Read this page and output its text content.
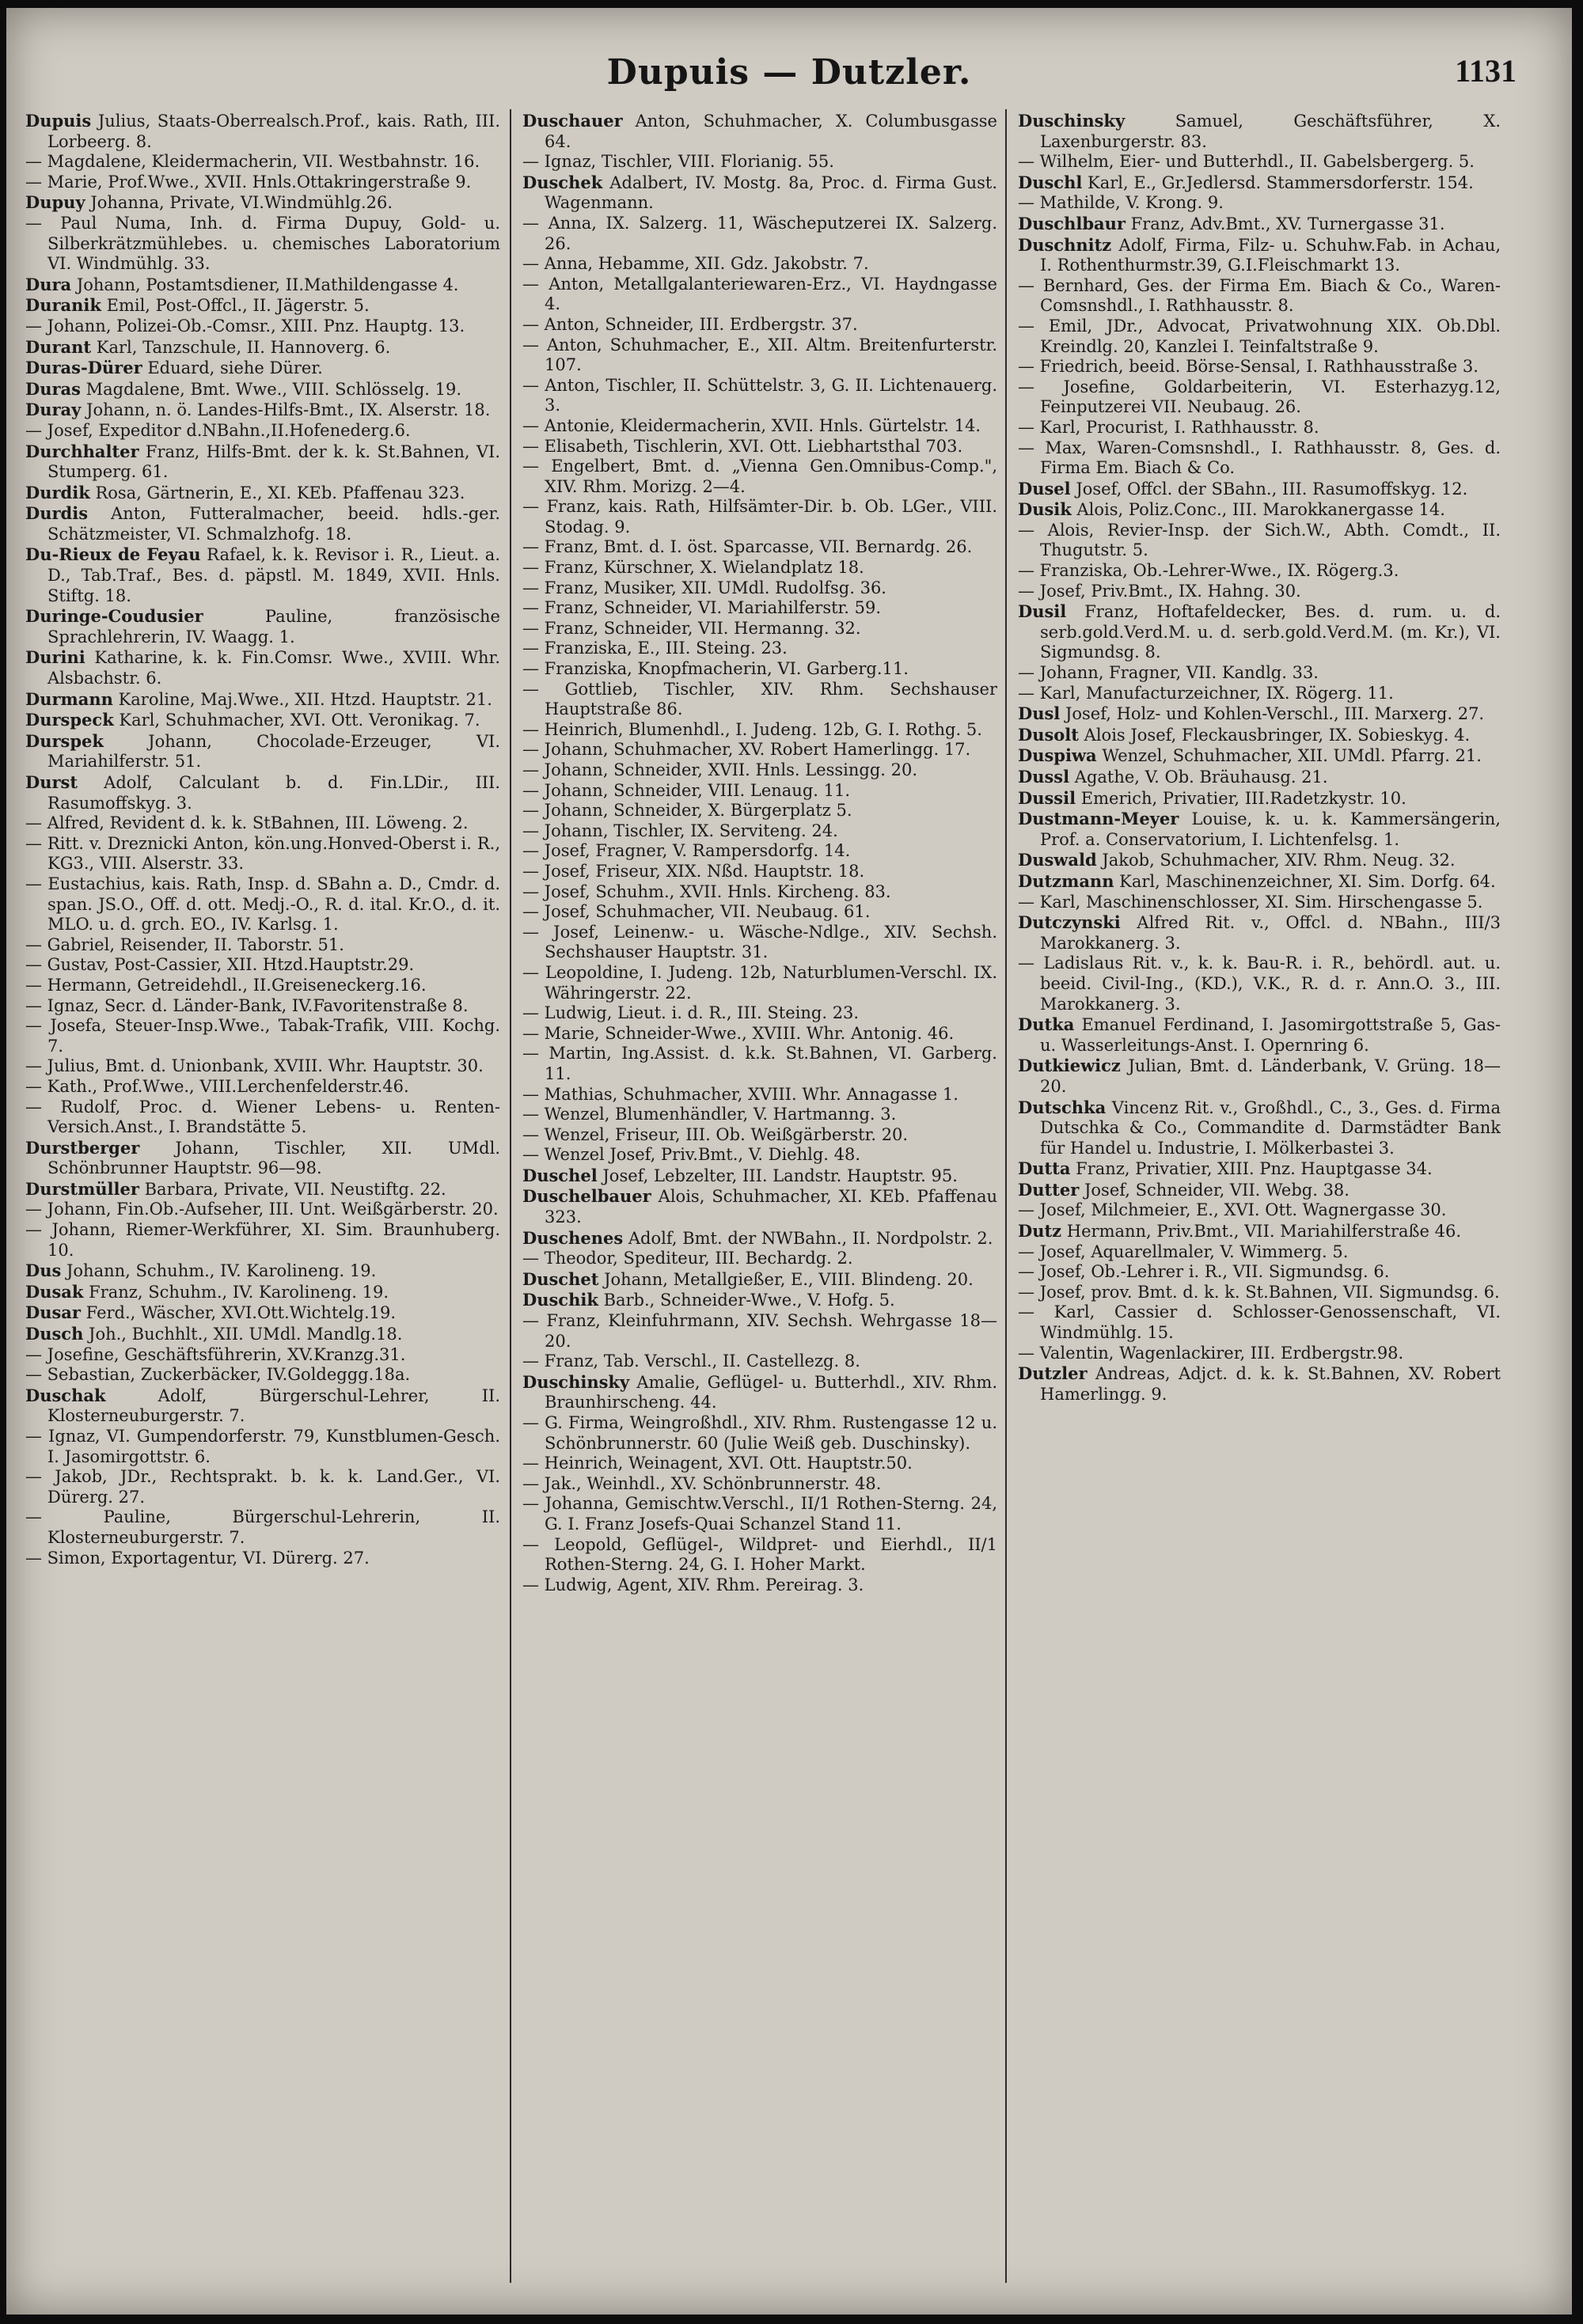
Dupuis — Dutzler.	1131

Dupuis Julius, Staats-Oberrealsch.Prof., kais. Rath, III. Lorbeerg. 8.

— Magdalene, Kleidermacherin, VII. Westbahnstr. 16.

— Marie, Prof.Wwe., XVII. Hnls.Ottakringerstraße 9.

Dupuy Johanna, Private, VI.Windmühlg.26.

— Paul Numa, Inh. d. Firma Dupuy, Gold- u. Silberkrätzmühlebes. u. chemisches Laboratorium VI. Windmühlg. 33.

Dura Johann, Postamtsdiener, II.Mathildengasse 4.

Duranik Emil, Post-Offcl., II. Jägerstr. 5.

— Johann, Polizei-Ob.-Comsr., XIII. Pnz. Hauptg. 13.

Durant Karl, Tanzschule, II. Hannoverg. 6.

Duras-Dürer Eduard, siehe Dürer.

Duras Magdalene, Bmt. Wwe., VIII. Schlösselg. 19.

Duray Johann, n. ö. Landes-Hilfs-Bmt., IX. Alserstr. 18.

— Josef, Expeditor d.NBahn.,II.Hofenederg.6.

Durchhalter Franz, Hilfs-Bmt. der k. k. St.Bahnen, VI. Stumperg. 61.

Durdik Rosa, Gärtnerin, E., XI. KEb. Pfaffenau 323.

Durdis Anton, Futteralmacher, beeid. hdls.-ger. Schätzmeister, VI. Schmalzhofg. 18.

Du-Rieux de Feyau Rafael, k. k. Revisor i. R., Lieut. a. D., Tab.Traf., Bes. d. päpstl. M. 1849, XVII. Hnls. Stiftg. 18.

Duringe-Coudusier Pauline, französische Sprachlehrerin, IV. Waagg. 1.

Durini Katharine, k. k. Fin.Comsr. Wwe., XVIII. Whr. Alsbachstr. 6.

Durmann Karoline, Maj.Wwe., XII. Htzd. Hauptstr. 21.

Durspeck Karl, Schuhmacher, XVI. Ott. Veronikag. 7.

Durspek Johann, Chocolade-Erzeuger, VI. Mariahilferstr. 51.

Durst Adolf, Calculant b. d. Fin.LDir., III. Rasumoffskyg. 3.

— Alfred, Revident d. k. k. StBahnen, III. Löweng. 2.

— Ritt. v. Dreznicki Anton, kön.ung.Honved-Oberst i. R., KG3., VIII. Alserstr. 33.

— Eustachius, kais. Rath, Insp. d. SBahn a. D., Cmdr. d. span. JS.O., Off. d. ott. Medj.-O., R. d. ital. Kr.O., d. it. MLO. u. d. grch. EO., IV. Karlsg. 1.

— Gabriel, Reisender, II. Taborstr. 51.

— Gustav, Post-Cassier, XII. Htzd.Hauptstr.29.

— Hermann, Getreidehdl., II.Greiseneckerg.16.

— Ignaz, Secr. d. Länder-Bank, IV.Favoritenstraße 8.

— Josefa, Steuer-Insp.Wwe., Tabak-Trafik, VIII. Kochg. 7.

— Julius, Bmt. d. Unionbank, XVIII. Whr. Hauptstr. 30.

— Kath., Prof.Wwe., VIII.Lerchenfelderstr.46.

— Rudolf, Proc. d. Wiener Lebens- u. Renten-Versich.Anst., I. Brandstätte 5.

Durstberger Johann, Tischler, XII. UMdl. Schönbrunner Hauptstr. 96—98.

Durstmüller Barbara, Private, VII. Neustiftg. 22.

— Johann, Fin.Ob.-Aufseher, III. Unt. Weißgärberstr. 20.

— Johann, Riemer-Werkführer, XI. Sim. Braunhuberg. 10.

Dus Johann, Schuhm., IV. Karolineng. 19.

Dusak Franz, Schuhm., IV. Karolineng. 19.

Dusar Ferd., Wäscher, XVI.Ott.Wichtelg.19.

Dusch Joh., Buchhlt., XII. UMdl. Mandlg.18.

— Josefine, Geschäftsführerin, XV.Kranzg.31.

— Sebastian, Zuckerbäcker, IV.Goldeggg.18a.

Duschak Adolf, Bürgerschul-Lehrer, II. Klosterneuburgerstr. 7.

— Ignaz, VI. Gumpendorferstr. 79, Kunstblumen-Gesch. I. Jasomirgottstr. 6.

— Jakob, JDr., Rechtsprakt. b. k. k. Land.Ger., VI. Dürerg. 27.

— Pauline, Bürgerschul-Lehrerin, II. Klosterneuburgerstr. 7.

— Simon, Exportagentur, VI. Dürerg. 27.

Duschauer Anton, Schuhmacher, X. Columbusgasse 64.

— Ignaz, Tischler, VIII. Florianig. 55.

Duschek Adalbert, IV. Mostg. 8a, Proc. d. Firma Gust. Wagenmann.

— Anna, IX. Salzerg. 11, Wäscheputzerei IX. Salzerg. 26.

— Anna, Hebamme, XII. Gdz. Jakobstr. 7.

— Anton, Metallgalanteriewaren-Erz., VI. Haydngasse 4.

— Anton, Schneider, III. Erdbergstr. 37.

— Anton, Schuhmacher, E., XII. Altm. Breitenfurterstr. 107.

— Anton, Tischler, II. Schüttelstr. 3, G. II. Lichtenauerg. 3.

— Antonie, Kleidermacherin, XVII. Hnls. Gürtelstr. 14.

— Elisabeth, Tischlerin, XVI. Ott. Liebhartsthal 703.

— Engelbert, Bmt. d. „Vienna Gen.Omnibus-Comp.", XIV. Rhm. Morizg. 2—4.

— Franz, kais. Rath, Hilfsämter-Dir. b. Ob. LGer., VIII. Stodag. 9.

— Franz, Bmt. d. I. öst. Sparcasse, VII. Bernardg. 26.

— Franz, Kürschner, X. Wielandplatz 18.

— Franz, Musiker, XII. UMdl. Rudolfsg. 36.

— Franz, Schneider, VI. Mariahilferstr. 59.

— Franz, Schneider, VII. Hermanng. 32.

— Franziska, E., III. Steing. 23.

— Franziska, Knopfmacherin, VI. Garberg.11.

— Gottlieb, Tischler, XIV. Rhm. Sechshauser Hauptstraße 86.

— Heinrich, Blumenhdl., I. Judeng. 12b, G. I. Rothg. 5.

— Johann, Schuhmacher, XV. Robert Hamerlingg. 17.

— Johann, Schneider, XVII. Hnls. Lessingg. 20.

— Johann, Schneider, VIII. Lenaug. 11.

— Johann, Schneider, X. Bürgerplatz 5.

— Johann, Tischler, IX. Serviteng. 24.

— Josef, Fragner, V. Rampersdorfg. 14.

— Josef, Friseur, XIX. Nßd. Hauptstr. 18.

— Josef, Schuhm., XVII. Hnls. Kircheng. 83.

— Josef, Schuhmacher, VII. Neubaug. 61.

— Josef, Leinenw.- u. Wäsche-Ndlge., XIV. Sechsh. Sechshauser Hauptstr. 31.

— Leopoldine, I. Judeng. 12b, Naturblumen-Verschl. IX. Währingerstr. 22.

— Ludwig, Lieut. i. d. R., III. Steing. 23.

— Marie, Schneider-Wwe., XVIII. Whr. Antonig. 46.

— Martin, Ing.Assist. d. k.k. St.Bahnen, VI. Garberg. 11.

— Mathias, Schuhmacher, XVIII. Whr. Annagasse 1.

— Wenzel, Blumenhändler, V. Hartmanng. 3.

— Wenzel, Friseur, III. Ob. Weißgärberstr. 20.

— Wenzel Josef, Priv.Bmt., V. Diehlg. 48.

Duschel Josef, Lebzelter, III. Landstr. Hauptstr. 95.

Duschelbauer Alois, Schuhmacher, XI. KEb. Pfaffenau 323.

Duschenes Adolf, Bmt. der NWBahn., II. Nordpolstr. 2.

— Theodor, Spediteur, III. Bechardg. 2.

Duschet Johann, Metallgießer, E., VIII. Blindeng. 20.

Duschik Barb., Schneider-Wwe., V. Hofg. 5.

— Franz, Kleinfuhrmann, XIV. Sechsh. Wehrgasse 18—20.

— Franz, Tab. Verschl., II. Castellezg. 8.

Duschinsky Amalie, Geflügel- u. Butterhdl., XIV. Rhm. Braunhirscheng. 44.

— G. Firma, Weingroßhdl., XIV. Rhm. Rustengasse 12 u. Schönbrunnerstr. 60 (Julie Weiß geb. Duschinsky).

— Heinrich, Weinagent, XVI. Ott. Hauptstr.50.

— Jak., Weinhdl., XV. Schönbrunnerstr. 48.

— Johanna, Gemischtw.Verschl., II/1 Rothen-Sterng. 24, G. I. Franz Josefs-Quai Schanzel Stand 11.

— Leopold, Geflügel-, Wildpret- und Eierhdl., II/1 Rothen-Sterng. 24, G. I. Hoher Markt.

— Ludwig, Agent, XIV. Rhm. Pereirag. 3.

Duschinsky Samuel, Geschäftsführer, X. Laxenburgerstr. 83.

— Wilhelm, Eier- und Butterhdl., II. Gabelsbergerg. 5.

Duschl Karl, E., Gr.Jedlersd. Stammersdorferstr. 154.

— Mathilde, V. Krong. 9.

Duschlbaur Franz, Adv.Bmt., XV. Turnergasse 31.

Duschnitz Adolf, Firma, Filz- u. Schuhw.Fab. in Achau, I. Rothenthurmstr.39, G.I.Fleischmarkt 13.

— Bernhard, Ges. der Firma Em. Biach & Co., Waren-Comsnshdl., I. Rathhausstr. 8.

— Emil, JDr., Advocat, Privatwohnung XIX. Ob.Dbl. Kreindlg. 20, Kanzlei I. Teinfaltstraße 9.

— Friedrich, beeid. Börse-Sensal, I. Rathhausstraße 3.

— Josefine, Goldarbeiterin, VI. Esterhazyg.12, Feinputzerei VII. Neubaug. 26.

— Karl, Procurist, I. Rathhausstr. 8.

— Max, Waren-Comsnshdl., I. Rathhausstr. 8, Ges. d. Firma Em. Biach & Co.

Dusel Josef, Offcl. der SBahn., III. Rasumoffskyg. 12.

Dusik Alois, Poliz.Conc., III. Marokkanergasse 14.

— Alois, Revier-Insp. der Sich.W., Abth. Comdt., II. Thugutstr. 5.

— Franziska, Ob.-Lehrer-Wwe., IX. Rögerg.3.

— Josef, Priv.Bmt., IX. Hahng. 30.

Dusil Franz, Hoftafeldecker, Bes. d. rum. u. d. serb.gold.Verd.M. u. d. serb.gold.Verd.M. (m. Kr.), VI. Sigmundsg. 8.

— Johann, Fragner, VII. Kandlg. 33.

— Karl, Manufacturzeichner, IX. Rögerg. 11.

Dusl Josef, Holz- und Kohlen-Verschl., III. Marxerg. 27.

Dusolt Alois Josef, Fleckausbringer, IX. Sobieskyg. 4.

Duspiwa Wenzel, Schuhmacher, XII. UMdl. Pfarrg. 21.

Dussl Agathe, V. Ob. Bräuhausg. 21.

Dussil Emerich, Privatier, III.Radetzkystr. 10.

Dustmann-Meyer Louise, k. u. k. Kammersängerin, Prof. a. Conservatorium, I. Lichtenfelsg. 1.

Duswald Jakob, Schuhmacher, XIV. Rhm. Neug. 32.

Dutzmann Karl, Maschinenzeichner, XI. Sim. Dorfg. 64.

— Karl, Maschinenschlosser, XI. Sim. Hirschengasse 5.

Dutczynski Alfred Rit. v., Offcl. d. NBahn., III/3 Marokkanerg. 3.

— Ladislaus Rit. v., k. k. Bau-R. i. R., behördl. aut. u. beeid. Civil-Ing., (KD.), V.K., R. d. r. Ann.O. 3., III. Marokkanerg. 3.

Dutka Emanuel Ferdinand, I. Jasomirgottstraße 5, Gas- u. Wasserleitungs-Anst. I. Opernring 6.

Dutkiewicz Julian, Bmt. d. Länderbank, V. Grüng. 18—20.

Dutschka Vincenz Rit. v., Großhdl., C., 3., Ges. d. Firma Dutschka & Co., Commandite d. Darmstädter Bank für Handel u. Industrie, I. Mölkerbastei 3.

Dutta Franz, Privatier, XIII. Pnz. Hauptgasse 34.

Dutter Josef, Schneider, VII. Webg. 38.

— Josef, Milchmeier, E., XVI. Ott. Wagnergasse 30.

Dutz Hermann, Priv.Bmt., VII. Mariahilferstraße 46.

— Josef, Aquarellmaler, V. Wimmerg. 5.

— Josef, Ob.-Lehrer i. R., VII. Sigmundsg. 6.

— Josef, prov. Bmt. d. k. k. St.Bahnen, VII. Sigmundsg. 6.

— Karl, Cassier d. Schlosser-Genossenschaft, VI. Windmühlg. 15.

— Valentin, Wagenlackirer, III. Erdbergstr.98.

Dutzler Andreas, Adjct. d. k. k. St.Bahnen, XV. Robert Hamerlingg. 9.
